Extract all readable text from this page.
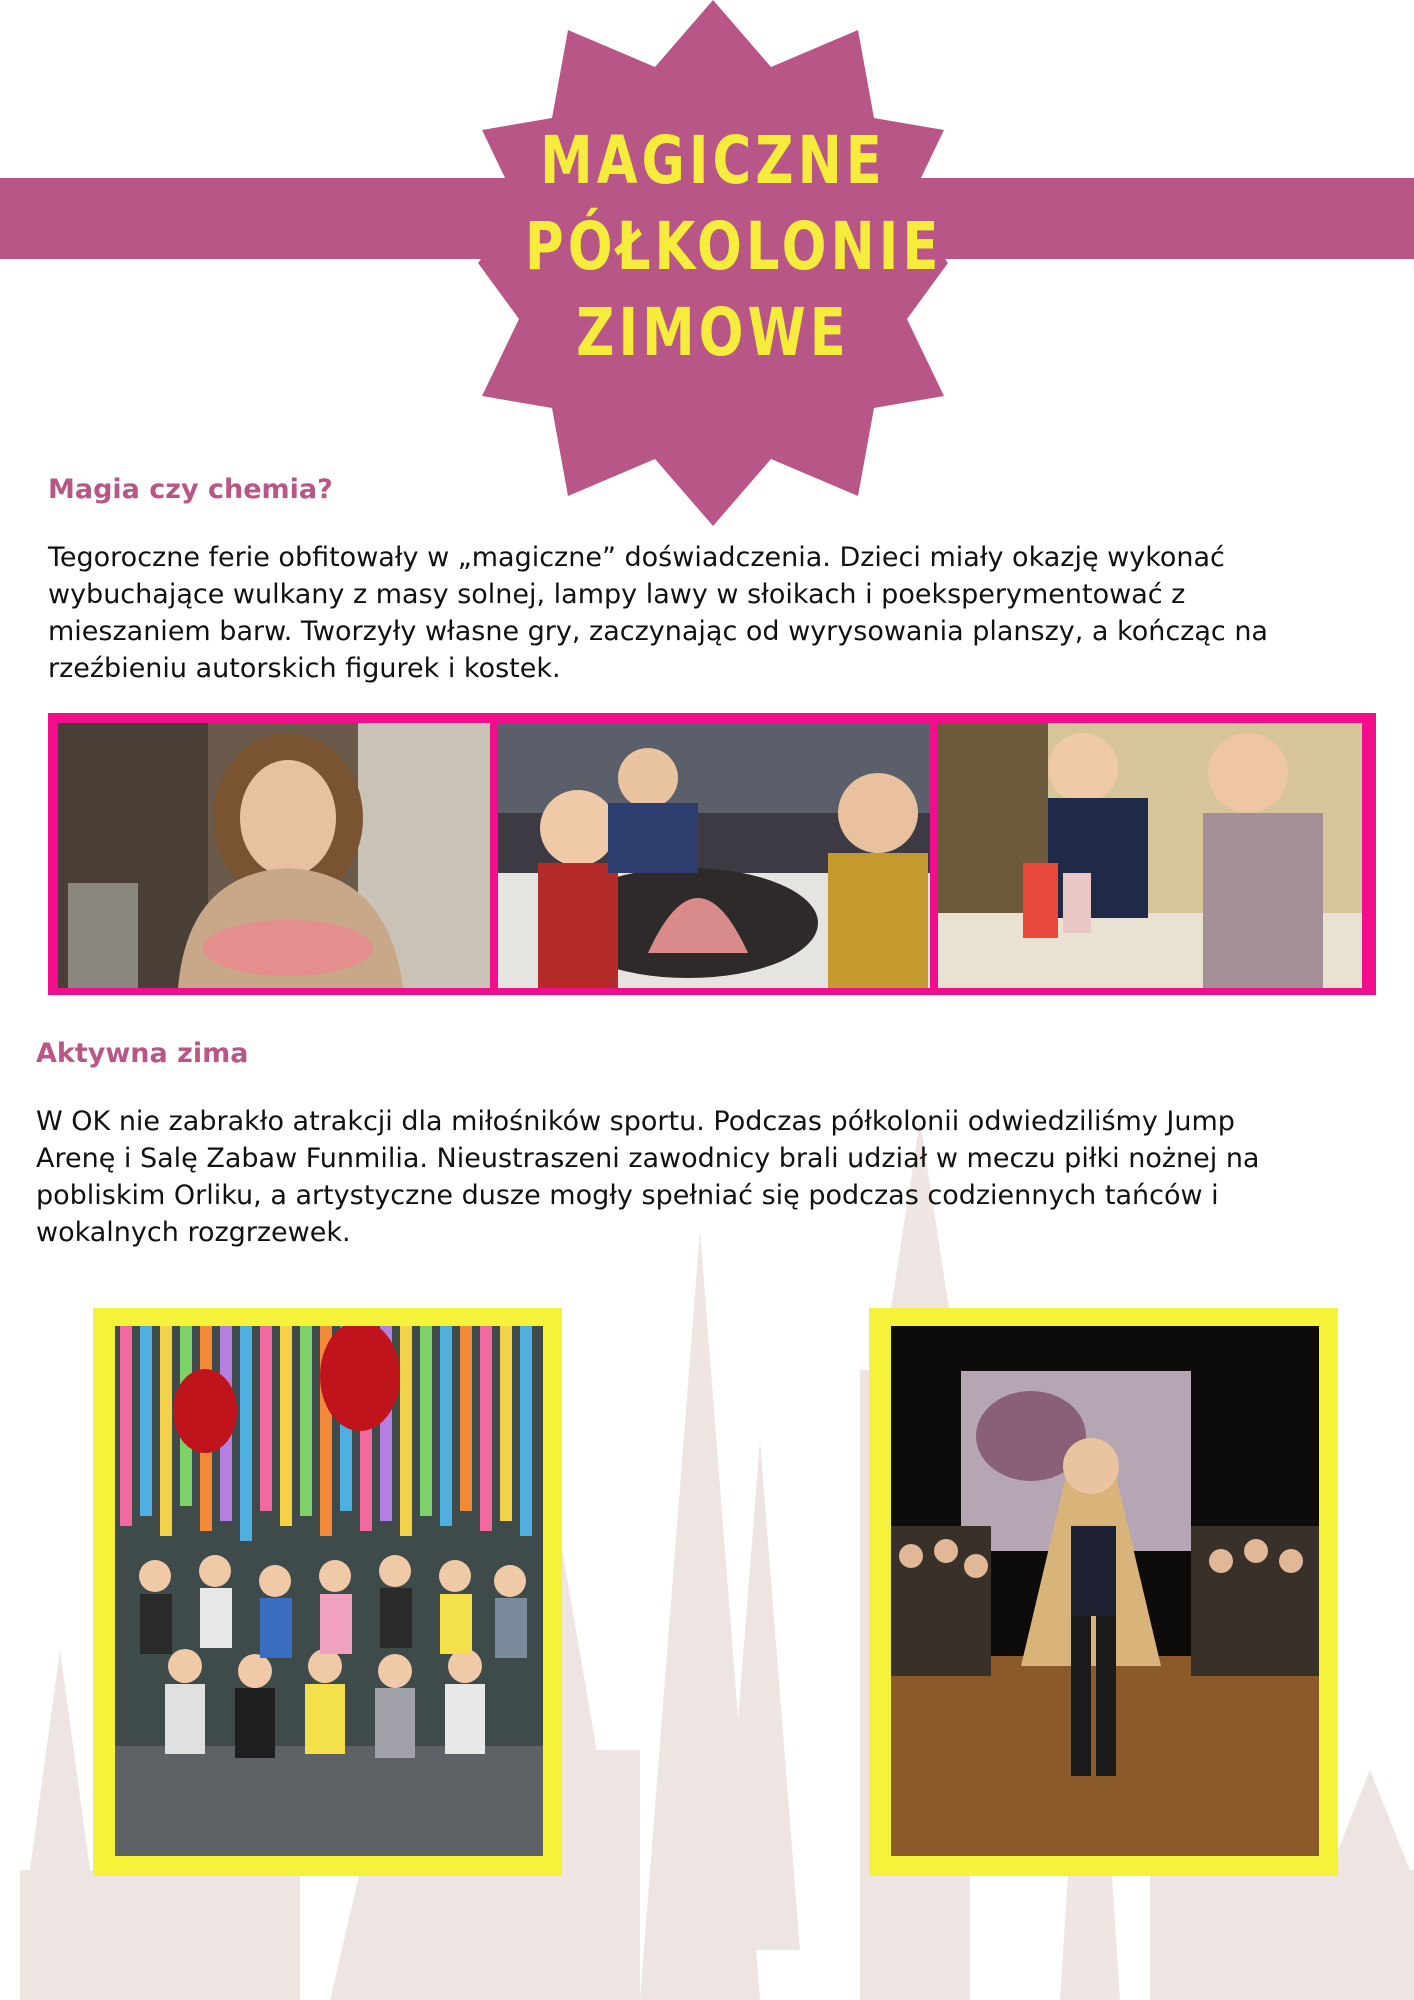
MAGICZNE
PÓŁKOLONIE
ZIMOWE
Magia czy chemia?
Tegoroczne ferie obfitowały w „magiczne” doświadczenia. Dzieci miały okazję wykonać
wybuchające wulkany z masy solnej, lampy lawy w słoikach i poeksperymentować z
mieszaniem barw. Tworzyły własne gry, zaczynając od wyrysowania planszy, a kończąc na
rzeźbieniu autorskich figurek i kostek.
Aktywna zima
W OK nie zabrakło atrakcji dla miłośników sportu. Podczas półkolonii odwiedziliśmy Jump
Arenę i Salę Zabaw Funmilia. Nieustraszeni zawodnicy brali udział w meczu piłki nożnej na
pobliskim Orliku, a artystyczne dusze mogły spełniać się podczas codziennych tańców i
wokalnych rozgrzewek.
